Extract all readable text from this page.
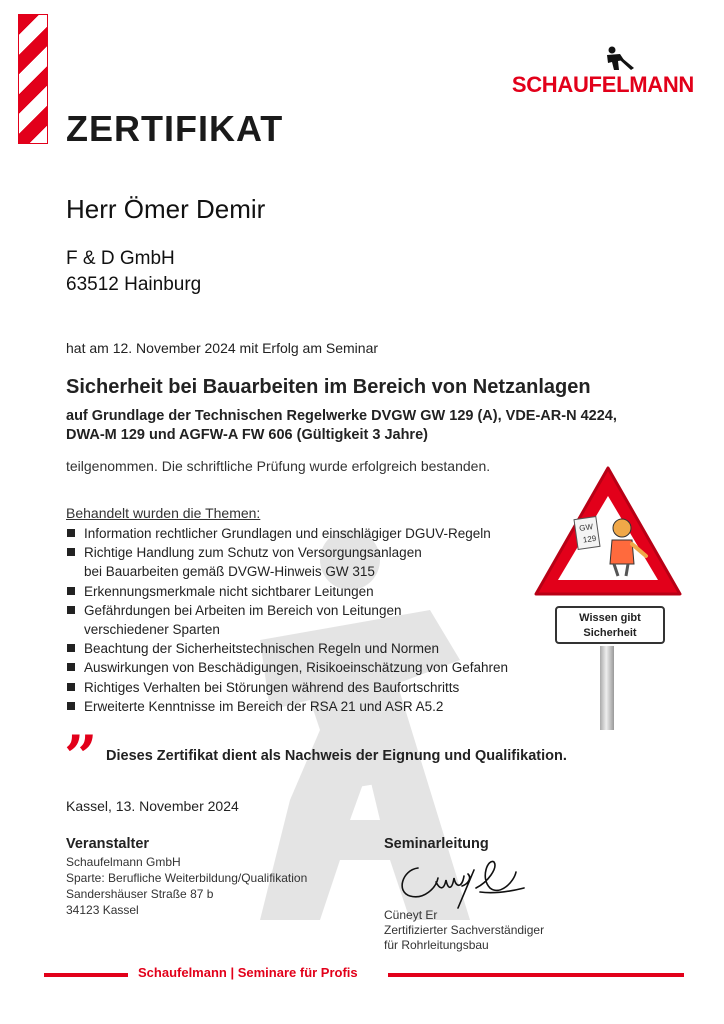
SCHAUFELMANN
ZERTIFIKAT
Herr Ömer Demir
F & D GmbH
63512 Hainburg
hat am 12. November 2024 mit Erfolg am Seminar
Sicherheit bei Bauarbeiten im Bereich von Netzanlagen
auf Grundlage der Technischen Regelwerke DVGW GW 129 (A), VDE-AR-N 4224,
DWA-M 129 und AGFW-A FW 606 (Gültigkeit 3 Jahre)
teilgenommen. Die schriftliche Prüfung wurde erfolgreich bestanden.
Behandelt wurden die Themen:
Information rechtlicher Grundlagen und einschlägiger DGUV-Regeln
Richtige Handlung zum Schutz von Versorgungsanlagen
bei Bauarbeiten gemäß DVGW-Hinweis GW 315
Erkennungsmerkmale nicht sichtbarer Leitungen
Gefährdungen bei Arbeiten im Bereich von Leitungen
verschiedener Sparten
Beachtung der Sicherheitstechnischen Regeln und Normen
Auswirkungen von Beschädigungen, Risikoeinschätzung von Gefahren
Richtiges Verhalten bei Störungen während des Baufortschritts
Erweiterte Kenntnisse im Bereich der RSA 21 und ASR A5.2
GW
129
Wissen gibt
Sicherheit
” Dieses Zertifikat dient als Nachweis der Eignung und Qualifikation.
Kassel, 13. November 2024
Veranstalter
Schaufelmann GmbH
Sparte: Berufliche Weiterbildung/Qualifikation
Sandershäuser Straße 87 b
34123 Kassel
Seminarleitung
Cüneyt Er
Zertifizierter Sachverständiger
für Rohrleitungsbau
Schaufelmann | Seminare für Profis
